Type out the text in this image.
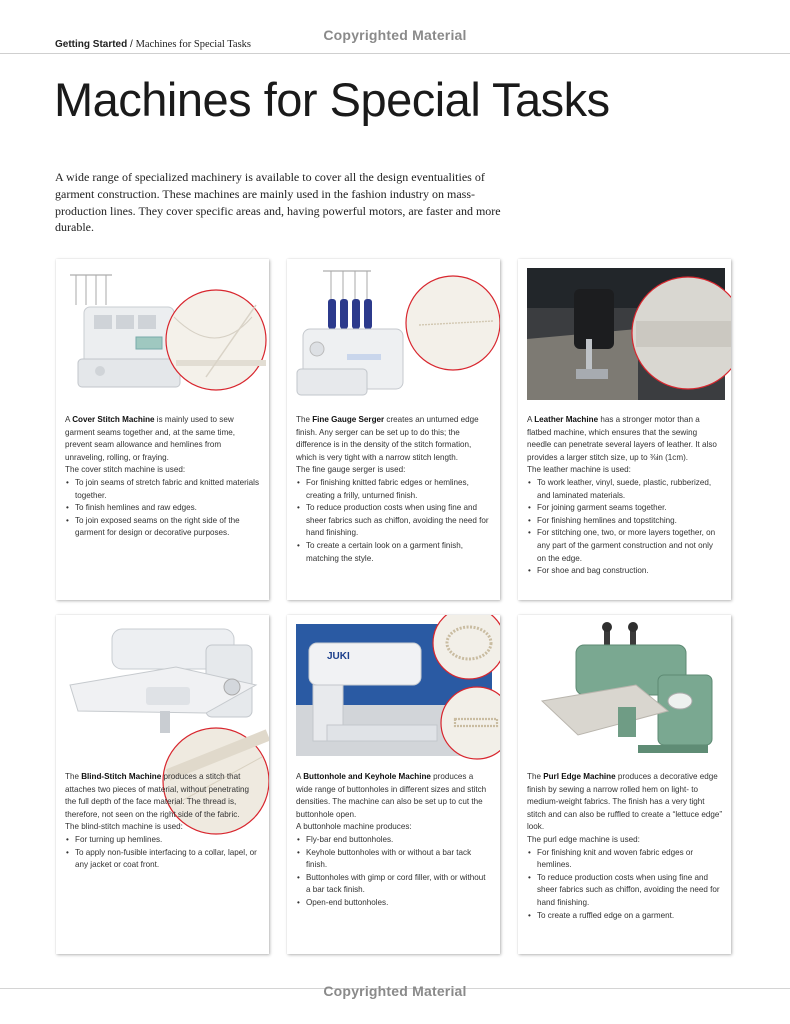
Copyrighted Material
Getting Started / Machines for Special Tasks
Machines for Special Tasks

A wide range of specialized machinery is available to cover all the design eventualities of garment construction. These machines are mainly used in the fashion industry on mass-production lines. They cover specific areas and, having powerful motors, are faster and more durable.

A Cover Stitch Machine is mainly used to sew garment seams together and, at the same time, prevent seam allowance and hemlines from unraveling, rolling, or fraying.

The cover stitch machine is used:

• To join seams of stretch fabric and knitted materials together.
• To finish hemlines and raw edges.
• To join exposed seams on the right side of the garment for design or decorative purposes.

The Fine Gauge Serger creates an unturned edge finish. Any serger can be set up to do this; the difference is in the density of the stitch formation, which is very tight with a narrow stitch length.

The fine gauge serger is used:

• For finishing knitted fabric edges or hemlines, creating a frilly, unturned finish.
• To reduce production costs when using fine and sheer fabrics such as chiffon, avoiding the need for hand finishing.
• To create a certain look on a garment finish, matching the style.

A Leather Machine has a stronger motor than a flatbed machine, which ensures that the sewing needle can penetrate several layers of leather. It also provides a larger stitch size, up to ⅜in (1cm).

The leather machine is used:

• To work leather, vinyl, suede, plastic, rubberized, and laminated materials.
• For joining garment seams together.
• For finishing hemlines and topstitching.
• For stitching one, two, or more layers together, on any part of the garment construction and not only on the edge.
• For shoe and bag construction.

The Blind-Stitch Machine produces a stitch that attaches two pieces of material, without penetrating the full depth of the face material. The thread is, therefore, not seen on the right side of the fabric.

The blind-stitch machine is used:

• For turning up hemlines.
• To apply non-fusible interfacing to a collar, lapel, or any jacket or coat front.
JUKI

A Buttonhole and Keyhole Machine produces a wide range of buttonholes in different sizes and stitch densities. The machine can also be set up to cut the buttonhole open.

A buttonhole machine produces:

• Fly-bar end buttonholes.
• Keyhole buttonholes with or without a bar tack finish.
• Buttonholes with gimp or cord filler, with or without a bar tack finish.
• Open-end buttonholes.

The Purl Edge Machine produces a decorative edge finish by sewing a narrow rolled hem on light- to medium-weight fabrics. The finish has a very tight stitch and can also be ruffled to create a “lettuce edge” look.

The purl edge machine is used:

• For finishing knit and woven fabric edges or hemlines.
• To reduce production costs when using fine and sheer fabrics such as chiffon, avoiding the need for hand finishing.
• To create a ruffled edge on a garment.
Copyrighted Material
